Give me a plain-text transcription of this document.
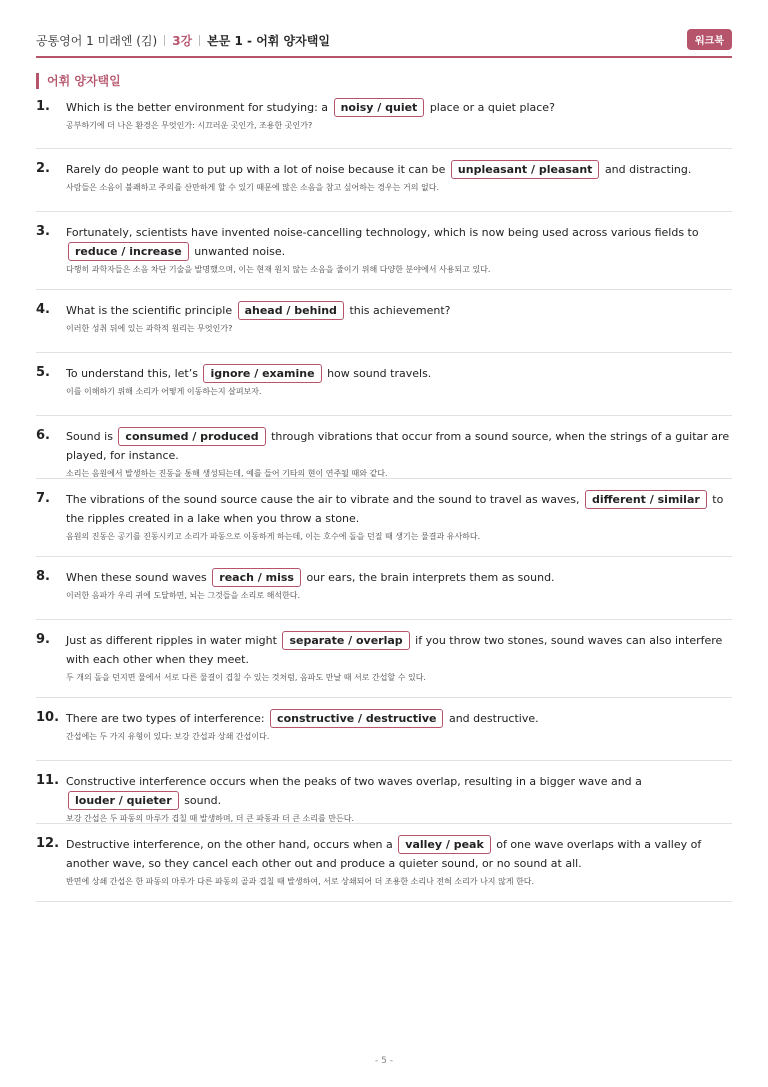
공통영어 1 미래엔 (김) 3강 본문 1 - 어휘 양자택일	워크북
어휘 양자택일
1. Which is the better environment for studying: a noisy / quiet place or a quiet place?
공부하기에 더 나은 환경은 무엇인가: 시끄러운 곳인가, 조용한 곳인가?
2. Rarely do people want to put up with a lot of noise because it can be unpleasant / pleasant and distracting.
사람들은 소음이 불쾌하고 주의를 산만하게 할 수 있기 때문에 많은 소음을 참고 싶어하는 경우는 거의 없다.
3. Fortunately, scientists have invented noise-cancelling technology, which is now being used across various fields to reduce / increase unwanted noise.
다행히 과학자들은 소음 차단 기술을 발명했으며, 이는 현재 원치 않는 소음을 줄이기 위해 다양한 분야에서 사용되고 있다.
4. What is the scientific principle ahead / behind this achievement?
이러한 성취 뒤에 있는 과학적 원리는 무엇인가?
5. To understand this, let’s ignore / examine how sound travels.
이를 이해하기 위해 소리가 어떻게 이동하는지 살펴보자.
6. Sound is consumed / produced through vibrations that occur from a sound source, when the strings of a guitar are played, for instance.
소리는 음원에서 발생하는 진동을 통해 생성되는데, 예를 들어 기타의 현이 연주될 때와 같다.
7. The vibrations of the sound source cause the air to vibrate and the sound to travel as waves, different / similar to the ripples created in a lake when you throw a stone.
음원의 진동은 공기를 진동시키고 소리가 파동으로 이동하게 하는데, 이는 호수에 돌을 던질 때 생기는 물결과 유사하다.
8. When these sound waves reach / miss our ears, the brain interprets them as sound.
이러한 음파가 우리 귀에 도달하면, 뇌는 그것들을 소리로 해석한다.
9. Just as different ripples in water might separate / overlap if you throw two stones, sound waves can also interfere with each other when they meet.
두 개의 돌을 던지면 물에서 서로 다른 물결이 겹칠 수 있는 것처럼, 음파도 만날 때 서로 간섭할 수 있다.
10. There are two types of interference: constructive / destructive and destructive.
간섭에는 두 가지 유형이 있다: 보강 간섭과 상쇄 간섭이다.
11. Constructive interference occurs when the peaks of two waves overlap, resulting in a bigger wave and a louder / quieter sound.
보강 간섭은 두 파동의 마루가 겹칠 때 발생하며, 더 큰 파동과 더 큰 소리를 만든다.
12. Destructive interference, on the other hand, occurs when a valley / peak of one wave overlaps with a valley of another wave, so they cancel each other out and produce a quieter sound, or no sound at all.
반면에 상쇄 간섭은 한 파동의 마루가 다른 파동의 골과 겹칠 때 발생하여, 서로 상쇄되어 더 조용한 소리나 전혀 소리가 나지 않게 한다.
- 5 -
